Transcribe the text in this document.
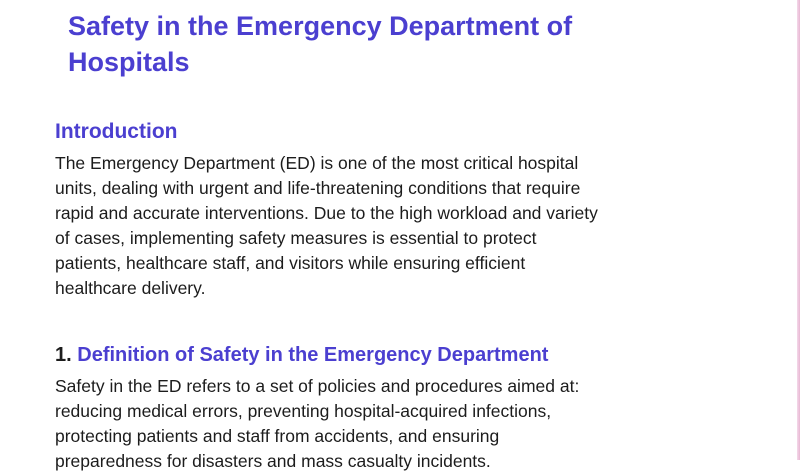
Safety in the Emergency Department of
Hospitals
Introduction

The Emergency Department (ED) is one of the most critical hospital
units, dealing with urgent and life-threatening conditions that require
rapid and accurate interventions. Due to the high workload and variety
of cases, implementing safety measures is essential to protect
patients, healthcare staff, and visitors while ensuring efficient
healthcare delivery.

1. Definition of Safety in the Emergency Department

Safety in the ED refers to a set of policies and procedures aimed at:
reducing medical errors, preventing hospital-acquired infections,
protecting patients and staff from accidents, and ensuring
preparedness for disasters and mass casualty incidents.
